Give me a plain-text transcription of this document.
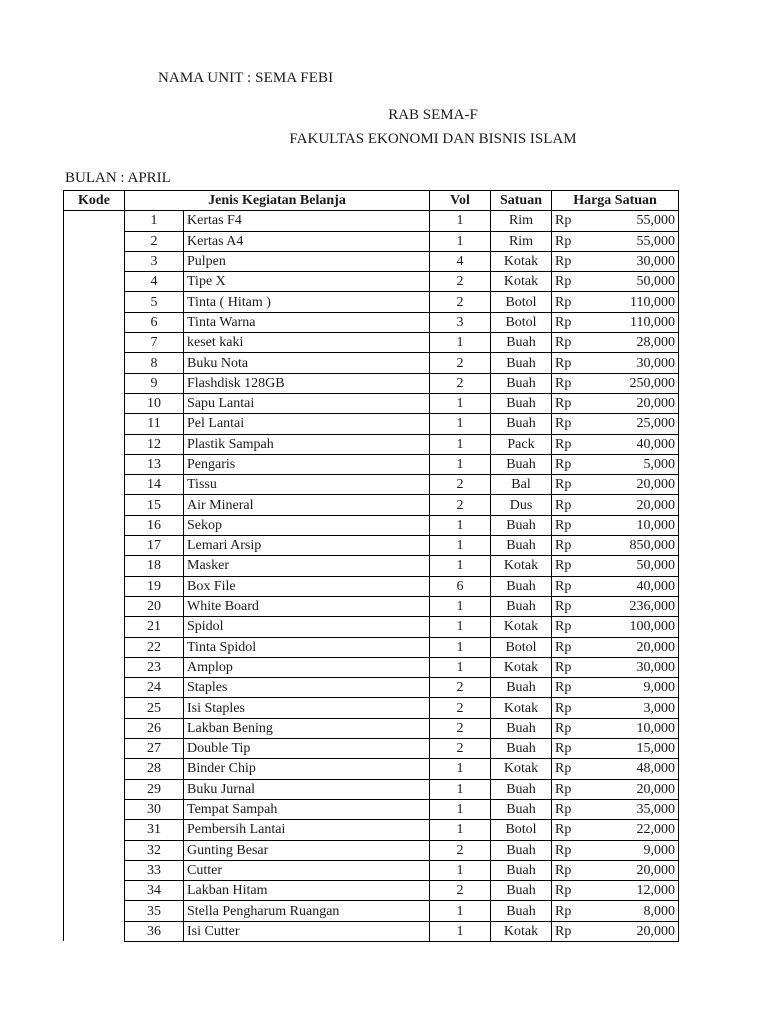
NAMA UNIT : SEMA FEBI
RAB SEMA-F
FAKULTAS EKONOMI DAN BISNIS ISLAM
BULAN : APRIL
Kode	Jenis Kegiatan Belanja		Vol	Satuan	Harga Satuan
	1	Kertas F4	1	Rim	Rp 55,000

	2	Kertas A4	1	Rim	Rp 55,000

	3	Pulpen	4	Kotak	Rp 30,000

	4	Tipe X	2	Kotak	Rp 50,000

	5	Tinta ( Hitam )	2	Botol	Rp 110,000

	6	Tinta Warna	3	Botol	Rp 110,000

	7	keset kaki	1	Buah	Rp 28,000

	8	Buku Nota	2	Buah	Rp 30,000

	9	Flashdisk 128GB	2	Buah	Rp 250,000

	10	Sapu Lantai	1	Buah	Rp 20,000

	11	Pel Lantai	1	Buah	Rp 25,000

	12	Plastik Sampah	1	Pack	Rp 40,000

	13	Pengaris	1	Buah	Rp 5,000

	14	Tissu	2	Bal	Rp 20,000

	15	Air Mineral	2	Dus	Rp 20,000

	16	Sekop	1	Buah	Rp 10,000

	17	Lemari Arsip	1	Buah	Rp 850,000

	18	Masker	1	Kotak	Rp 50,000

	19	Box File	6	Buah	Rp 40,000

	20	White Board	1	Buah	Rp 236,000

	21	Spidol	1	Kotak	Rp 100,000

	22	Tinta Spidol	1	Botol	Rp 20,000

	23	Amplop	1	Kotak	Rp 30,000

	24	Staples	2	Buah	Rp 9,000

	25	Isi Staples	2	Kotak	Rp 3,000

	26	Lakban Bening	2	Buah	Rp 10,000

	27	Double Tip	2	Buah	Rp 15,000

	28	Binder Chip	1	Kotak	Rp 48,000

	29	Buku Jurnal	1	Buah	Rp 20,000

	30	Tempat Sampah	1	Buah	Rp 35,000

	31	Pembersih Lantai	1	Botol	Rp 22,000

	32	Gunting Besar	2	Buah	Rp 9,000

	33	Cutter	1	Buah	Rp 20,000

	34	Lakban Hitam	2	Buah	Rp 12,000

	35	Stella Pengharum Ruangan	1	Buah	Rp 8,000

	36	Isi Cutter	1	Kotak	Rp 20,000
